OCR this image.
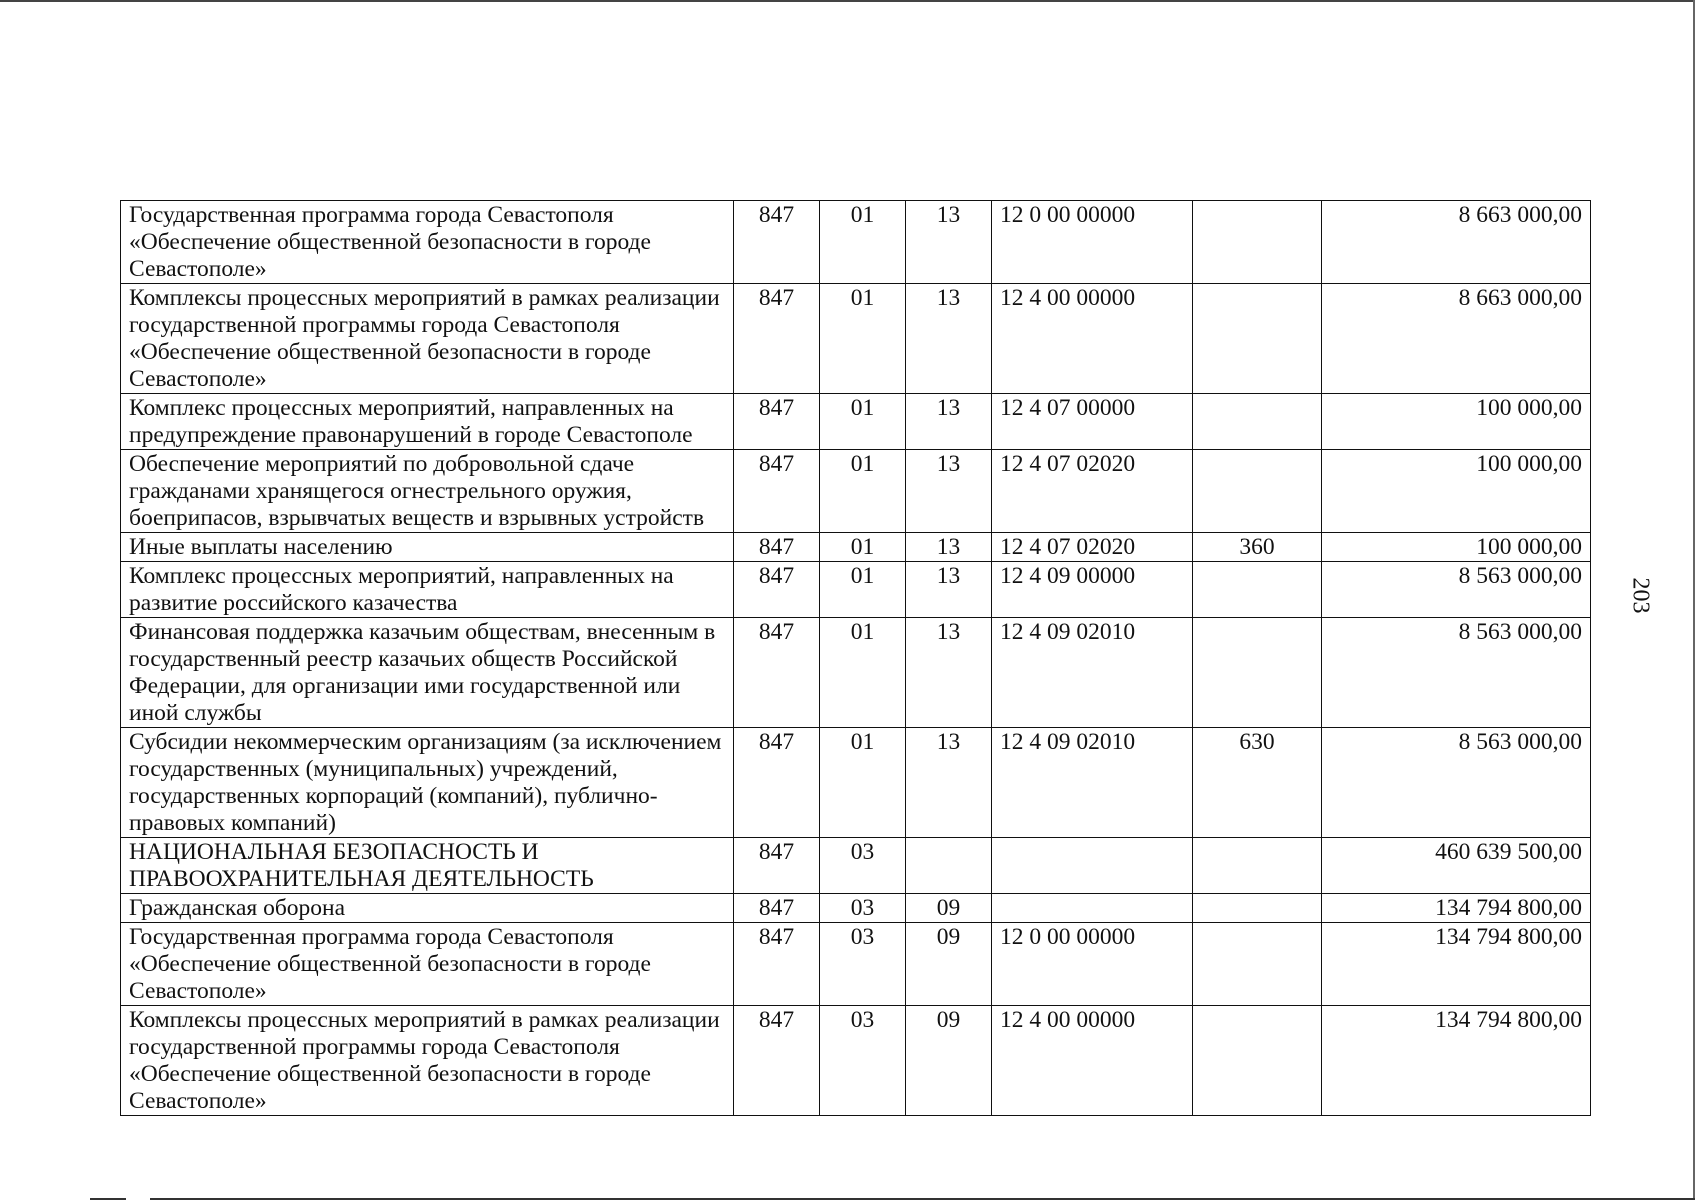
Государственная программа города Севастополя «Обеспечение общественной безопасности в городе Севастополе»	847	01	13	12 0 00 00000		8 663 000,00
Комплексы процессных мероприятий в рамках реализации государственной программы города Севастополя «Обеспечение общественной безопасности в городе Севастополе»	847	01	13	12 4 00 00000		8 663 000,00
Комплекс процессных мероприятий, направленных на предупреждение правонарушений в городе Севастополе	847	01	13	12 4 07 00000		100 000,00
Обеспечение мероприятий по добровольной сдаче гражданами хранящегося огнестрельного оружия, боеприпасов, взрывчатых веществ и взрывных устройств	847	01	13	12 4 07 02020		100 000,00
Иные выплаты населению	847	01	13	12 4 07 02020	360	100 000,00
Комплекс процессных мероприятий, направленных на развитие российского казачества	847	01	13	12 4 09 00000		8 563 000,00
Финансовая поддержка казачьим обществам, внесенным в государственный реестр казачьих обществ Российской Федерации, для организации ими государственной или иной службы	847	01	13	12 4 09 02010		8 563 000,00
Субсидии некоммерческим организациям (за исключением государственных (муниципальных) учреждений, государственных корпораций (компаний), публично-правовых компаний)	847	01	13	12 4 09 02010	630	8 563 000,00
НАЦИОНАЛЬНАЯ БЕЗОПАСНОСТЬ И ПРАВООХРАНИТЕЛЬНАЯ ДЕЯТЕЛЬНОСТЬ	847	03				460 639 500,00
Гражданская оборона	847	03	09			134 794 800,00
Государственная программа города Севастополя «Обеспечение общественной безопасности в городе Севастополе»	847	03	09	12 0 00 00000		134 794 800,00
Комплексы процессных мероприятий в рамках реализации государственной программы города Севастополя «Обеспечение общественной безопасности в городе Севастополе»	847	03	09	12 4 00 00000		134 794 800,00
203
